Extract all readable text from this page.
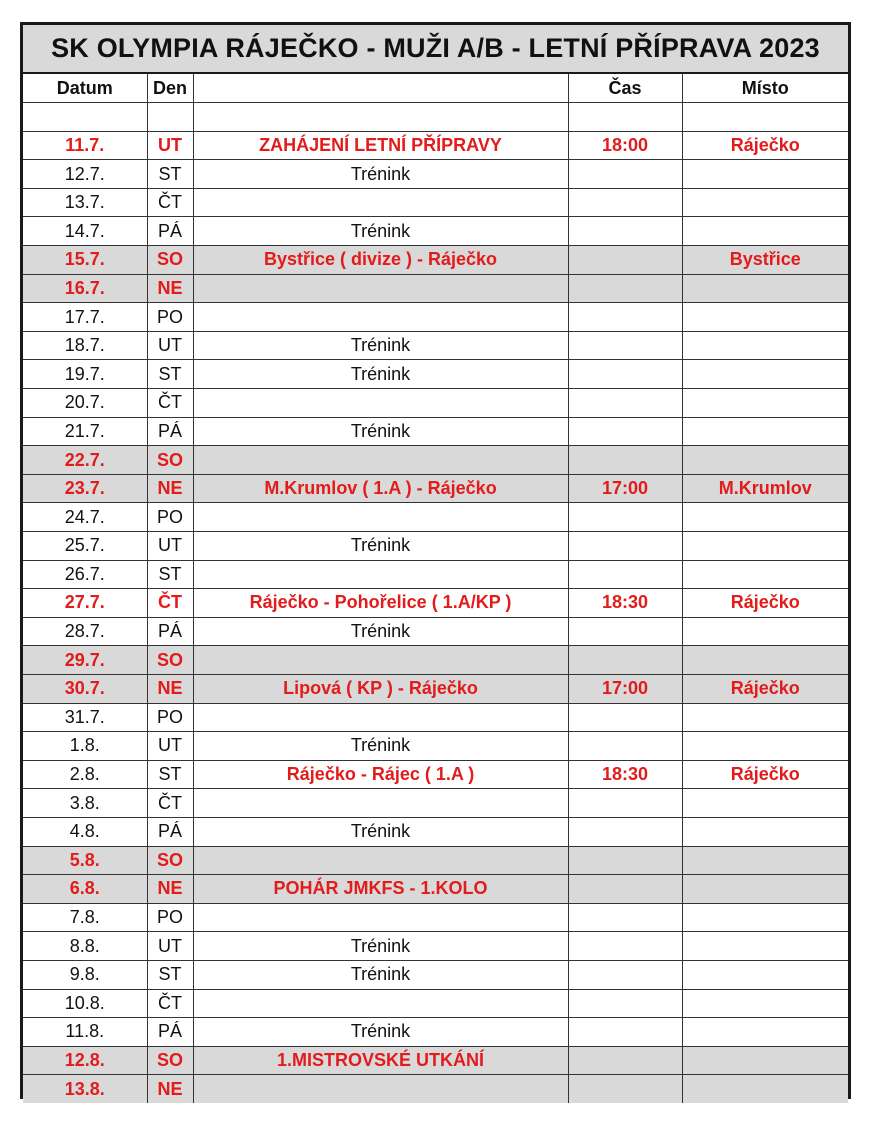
SK OLYMPIA RÁJEČKO - MUŽI A/B - LETNÍ PŘÍPRAVA 2023
Datum	Den		Čas	Místo

11.7.	UT	ZAHÁJENÍ LETNÍ PŘÍPRAVY	18:00	Ráječko
12.7.	ST	Trénink		
13.7.	ČT			
14.7.	PÁ	Trénink		
15.7.	SO	Bystřice ( divize ) - Ráječko		Bystřice
16.7.	NE			
17.7.	PO			
18.7.	UT	Trénink		
19.7.	ST	Trénink		
20.7.	ČT			
21.7.	PÁ	Trénink		
22.7.	SO			
23.7.	NE	M.Krumlov ( 1.A ) - Ráječko	17:00	M.Krumlov
24.7.	PO			
25.7.	UT	Trénink		
26.7.	ST			
27.7.	ČT	Ráječko - Pohořelice ( 1.A/KP )	18:30	Ráječko
28.7.	PÁ	Trénink		
29.7.	SO			
30.7.	NE	Lipová ( KP ) - Ráječko	17:00	Ráječko
31.7.	PO			
1.8.	UT	Trénink		
2.8.	ST	Ráječko - Rájec ( 1.A )	18:30	Ráječko
3.8.	ČT			
4.8.	PÁ	Trénink		
5.8.	SO			
6.8.	NE	POHÁR JMKFS - 1.KOLO		
7.8.	PO			
8.8.	UT	Trénink		
9.8.	ST	Trénink		
10.8.	ČT			
11.8.	PÁ	Trénink		
12.8.	SO	1.MISTROVSKÉ UTKÁNÍ		
13.8.	NE			
